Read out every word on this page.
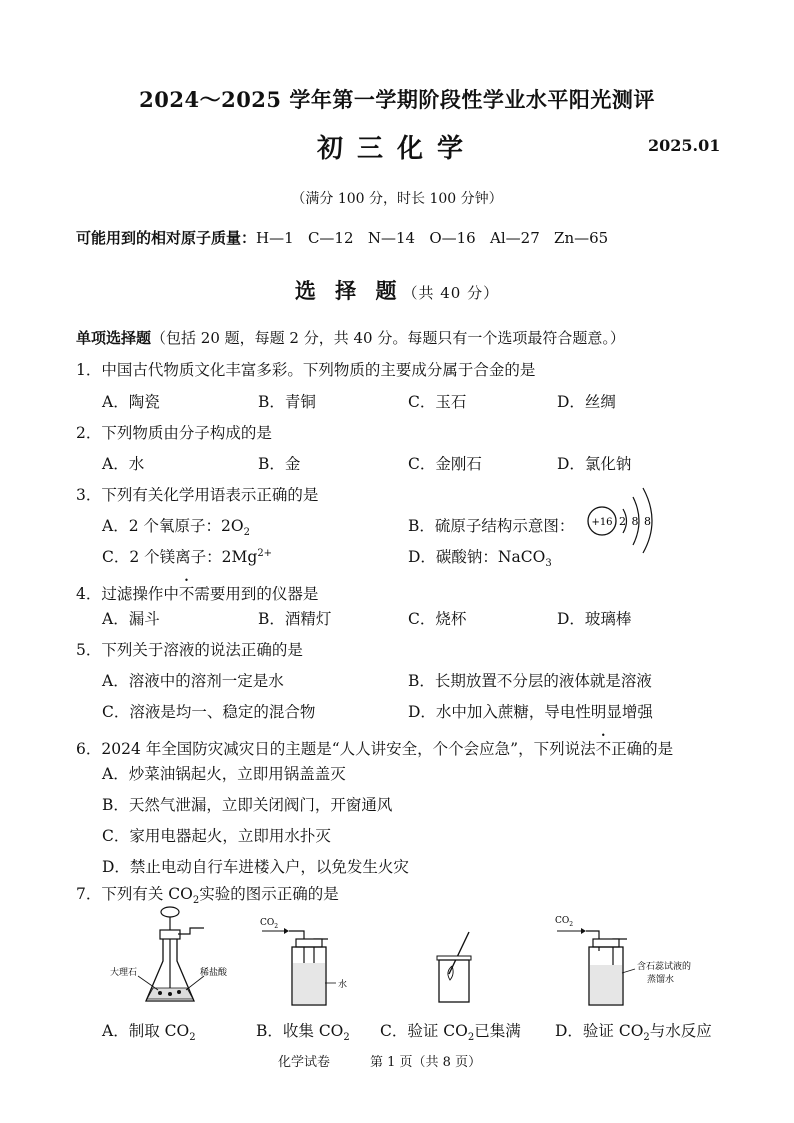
2024～2025 学年第一学期阶段性学业水平阳光测评
初三化学	2025.01
（满分 100 分，时长 100 分钟）
可能用到的相对原子质量：H—1   C—12   N—14   O—16   Al—27   Zn—65
选 择 题（共 40 分）
单项选择题（包括 20 题，每题 2 分，共 40 分。每题只有一个选项最符合题意。）
1．中国古代物质文化丰富多彩。下列物质的主要成分属于合金的是
A．陶瓷	B．青铜	C．玉石	D．丝绸
2．下列物质由分子构成的是
A．水	B．金	C．金刚石	D．氯化钠
3．下列有关化学用语表示正确的是
A．2 个氧原子：$2O_2$	B．硫原子结构示意图： +16 2 8 8
C．2 个镁离子：$2Mg^{2+}$	D．碳酸钠：NaCO$_3$
4．过滤操作中不需要用到的仪器是
A．漏斗	B．酒精灯	C．烧杯	D．玻璃棒
5．下列关于溶液的说法正确的是
A．溶液中的溶剂一定是水	B．长期放置不分层的液体就是溶液
C．溶液是均一、稳定的混合物	D．水中加入蔗糖，导电性明显增强
6．2024 年全国防灾减灾日的主题是“人人讲安全，个个会应急”，下列说法不正确的是
A．炒菜油锅起火，立即用锅盖盖灭
B．天然气泄漏，立即关闭阀门，开窗通风
C．家用电器起火，立即用水扑灭
D．禁止电动自行车进楼入户，以免发生火灾
7．下列有关 $CO_2$实验的图示正确的是
大理石	稀盐酸
$CO_2$
水
$CO_2$
含石蕊试液的
蒸馏水
A．制取 $CO_2$	B．收集 $CO_2$ C．验证 $CO_2$已集满 D．验证 $CO_2$与水反应
化学试卷	第 1 页（共 8 页）
